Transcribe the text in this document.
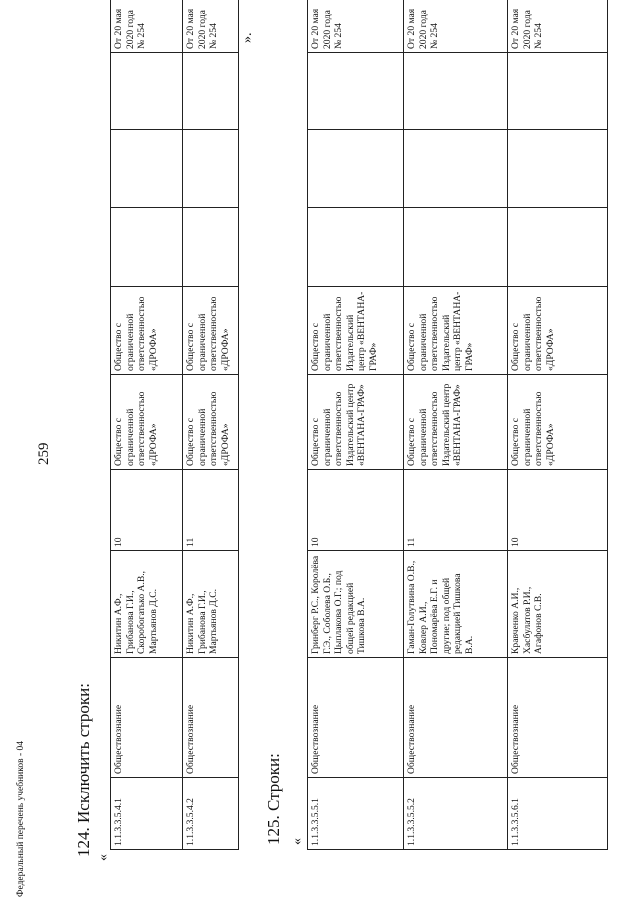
259
124. Исключить строки:
«
».
1.1.3.3.5.4.1	Обществознание	Никитин А.Ф., Грибанова Г.И., Скоробогатько А.В., Мартьянов Д.С.	10	Общество с ограниченной ответственностью «ДРОФА»	Общество с ограниченной ответственностью «ДРОФА»				От 20 мая 2020 года № 254	
1.1.3.3.5.4.2	Обществознание	Никитин А.Ф., Грибанова Г.И., Мартьянов Д.С.	11	Общество с ограниченной ответственностью «ДРОФА»	Общество с ограниченной ответственностью «ДРОФА»				От 20 мая 2020 года № 254	
125. Строки: « 1.1.3.3.5.5.1	Обществознание	Гринберг Р.С., Королёва Г.Э., Соболева О.Б., Цыплакова О.Г.; под общей редакцией Тишкова В.А.	10	Общество с ограниченной ответственностью Издательский центр «ВЕНТАНА-ГРАФ»	Общество с ограниченной ответственностью Издательский центр «ВЕНТАНА-ГРАФ»				От 20 мая 2020 года № 254	
1.1.3.3.5.5.2	Обществознание	Гаман-Голутвина О.В., Ковлер А.И., Пономарёва Е.Г. и другие; под общей редакцией Тишкова В.А.	11	Общество с ограниченной ответственностью Издательский центр «ВЕНТАНА-ГРАФ»	Общество с ограниченной ответственностью Издательский центр «ВЕНТАНА-ГРАФ»				От 20 мая 2020 года № 254	
1.1.3.3.5.6.1	Обществознание	Кравченко А.И., Хасбулатов Р.И., Агафонов С.В.	10	Общество с ограниченной ответственностью «ДРОФА»	Общество с ограниченной ответственностью «ДРОФА»				От 20 мая 2020 года № 254	
Федеральный перечень учебников - 04
